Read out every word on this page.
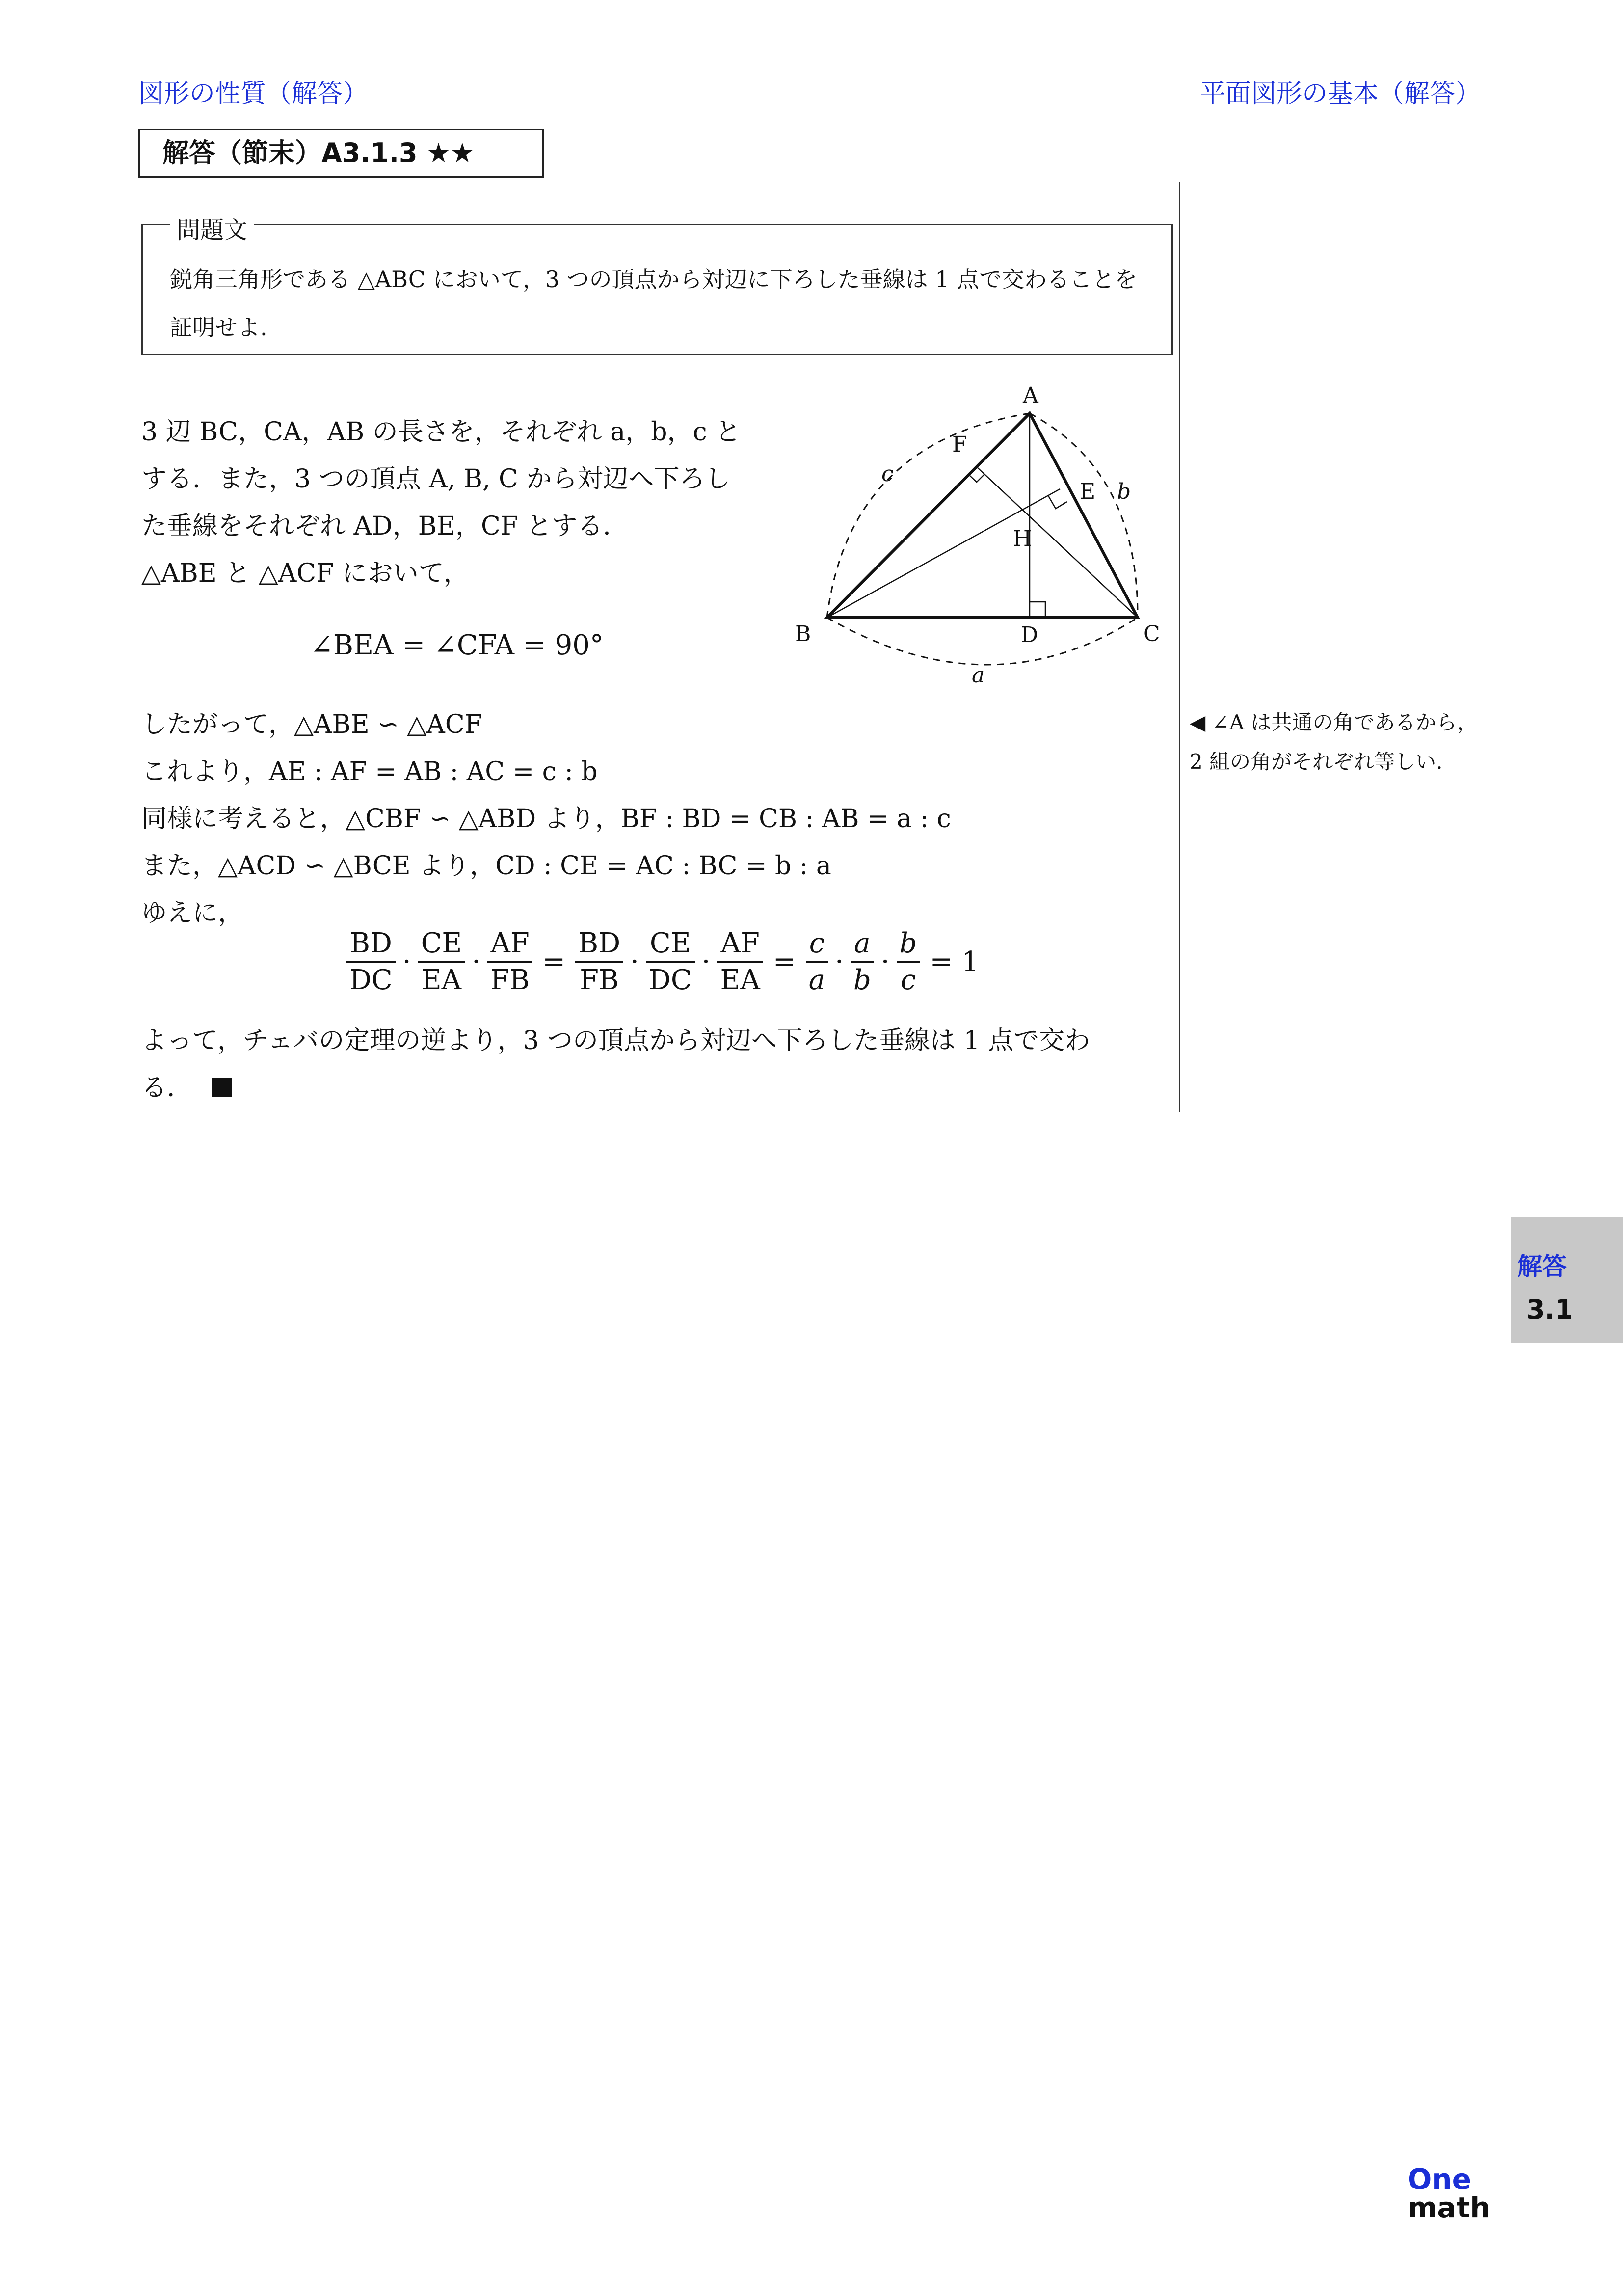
図形の性質（解答）	平面図形の基本（解答）
解答（節末）A3.1.3 ★★
問題文
鋭角三角形である △ABC において，3 つの頂点から対辺に下ろした垂線は 1 点で交わることを証明せよ.
3 辺 BC，CA，AB の長さを，それぞれ a，b，c と
する．また，3 つの頂点 A, B, C から対辺へ下ろし
た垂線をそれぞれ AD，BE，CF とする．
△ABE と △ACF において，
∠BEA = ∠CFA = 90°
したがって，△ABE ∽ △ACF
これより，AE : AF = AB : AC = c : b
同様に考えると，△CBF ∽ △ABD より，BF : BD = CB : AB = a : c
また，△ACD ∽ △BCE より，CD : CE = AC : BC = b : a
ゆえに，
$\frac{BD}{DC} \cdot \frac{CE}{EA} \cdot \frac{AF}{FB} = \frac{BD}{FB} \cdot \frac{CE}{DC} \cdot \frac{AF}{EA} = \frac{c}{a} \cdot \frac{a}{b} \cdot \frac{b}{c} = 1$
よって，チェバの定理の逆より，3 つの頂点から対辺へ下ろした垂線は 1 点で交わ
る．
A
B	C
D
E
F
H
a
b
c
◀ ∠A は共通の角であるから，
2 組の角がそれぞれ等しい.
解答
3.1
One
math
